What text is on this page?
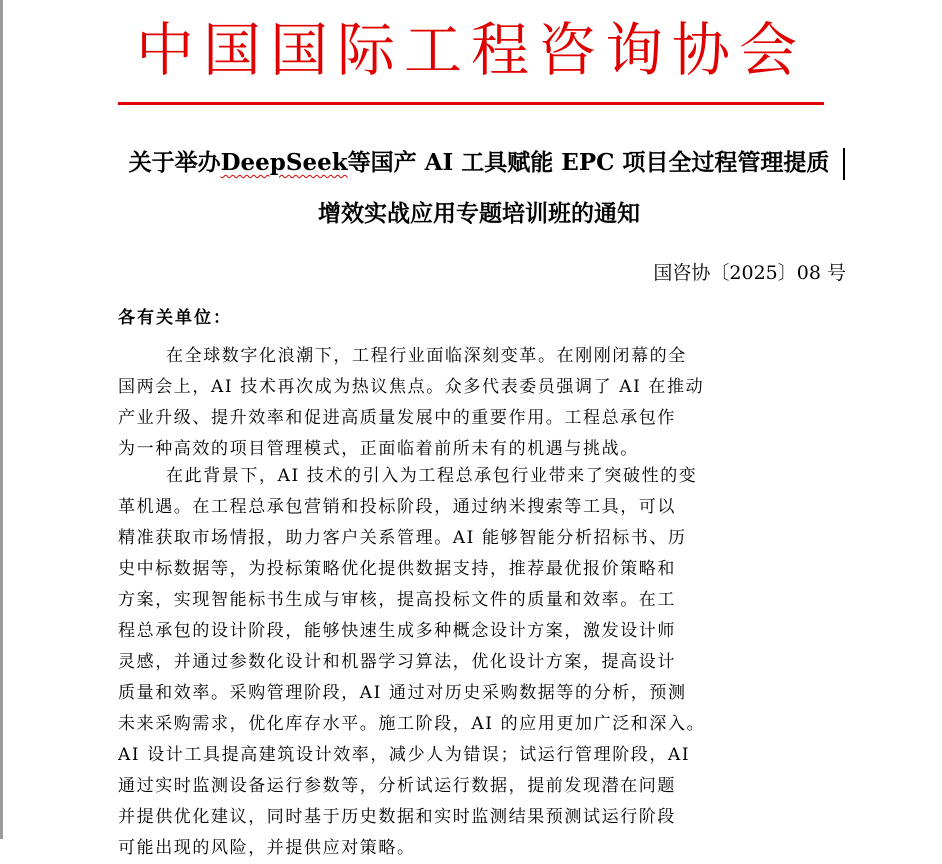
中国国际工程咨询协会
关于举办DeepSeek等国产 AI 工具赋能 EPC 项目全过程管理提质
增效实战应用专题培训班的通知
国咨协〔2025〕08 号
各有关单位：
在全球数字化浪潮下，工程行业面临深刻变革。在刚刚闭幕的全
国两会上，AI 技术再次成为热议焦点。众多代表委员强调了 AI 在推动
产业升级、提升效率和促进高质量发展中的重要作用。工程总承包作
为一种高效的项目管理模式，正面临着前所未有的机遇与挑战。
在此背景下，AI 技术的引入为工程总承包行业带来了突破性的变
革机遇。在工程总承包营销和投标阶段，通过纳米搜索等工具，可以
精准获取市场情报，助力客户关系管理。AI 能够智能分析招标书、历
史中标数据等，为投标策略优化提供数据支持，推荐最优报价策略和
方案，实现智能标书生成与审核，提高投标文件的质量和效率。在工
程总承包的设计阶段，能够快速生成多种概念设计方案，激发设计师
灵感，并通过参数化设计和机器学习算法，优化设计方案，提高设计
质量和效率。采购管理阶段，AI 通过对历史采购数据等的分析，预测
未来采购需求，优化库存水平。施工阶段，AI 的应用更加广泛和深入。
AI 设计工具提高建筑设计效率，减少人为错误；试运行管理阶段，AI
通过实时监测设备运行参数等，分析试运行数据，提前发现潜在问题
并提供优化建议，同时基于历史数据和实时监测结果预测试运行阶段
可能出现的风险，并提供应对策略。
